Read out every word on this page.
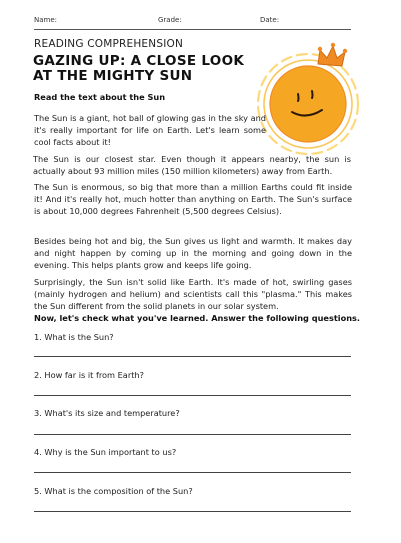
Name:	Grade:	Date:
READING COMPREHENSION
GAZING UP: A CLOSE LOOK AT THE MIGHTY SUN
Read the text about the Sun
The Sun is a giant, hot ball of glowing gas in the sky and it's really important for life on Earth. Let's learn some cool facts about it!
The Sun is our closest star. Even though it appears nearby, the sun is actually about 93 million miles (150 million kilometers) away from Earth.
The Sun is enormous, so big that more than a million Earths could fit inside it! And it's really hot, much hotter than anything on Earth. The Sun's surface is about 10,000 degrees Fahrenheit (5,500 degrees Celsius).
Besides being hot and big, the Sun gives us light and warmth. It makes day and night happen by coming up in the morning and going down in the evening. This helps plants grow and keeps life going.
Surprisingly, the Sun isn't solid like Earth. It's made of hot, swirling gases (mainly hydrogen and helium) and scientists call this "plasma." This makes the Sun different from the solid planets in our solar system.
Now, let's check what you've learned. Answer the following questions.
1. What is the Sun?
2. How far is it from Earth?
3. What's its size and temperature?
4. Why is the Sun important to us?
5. What is the composition of the Sun?
